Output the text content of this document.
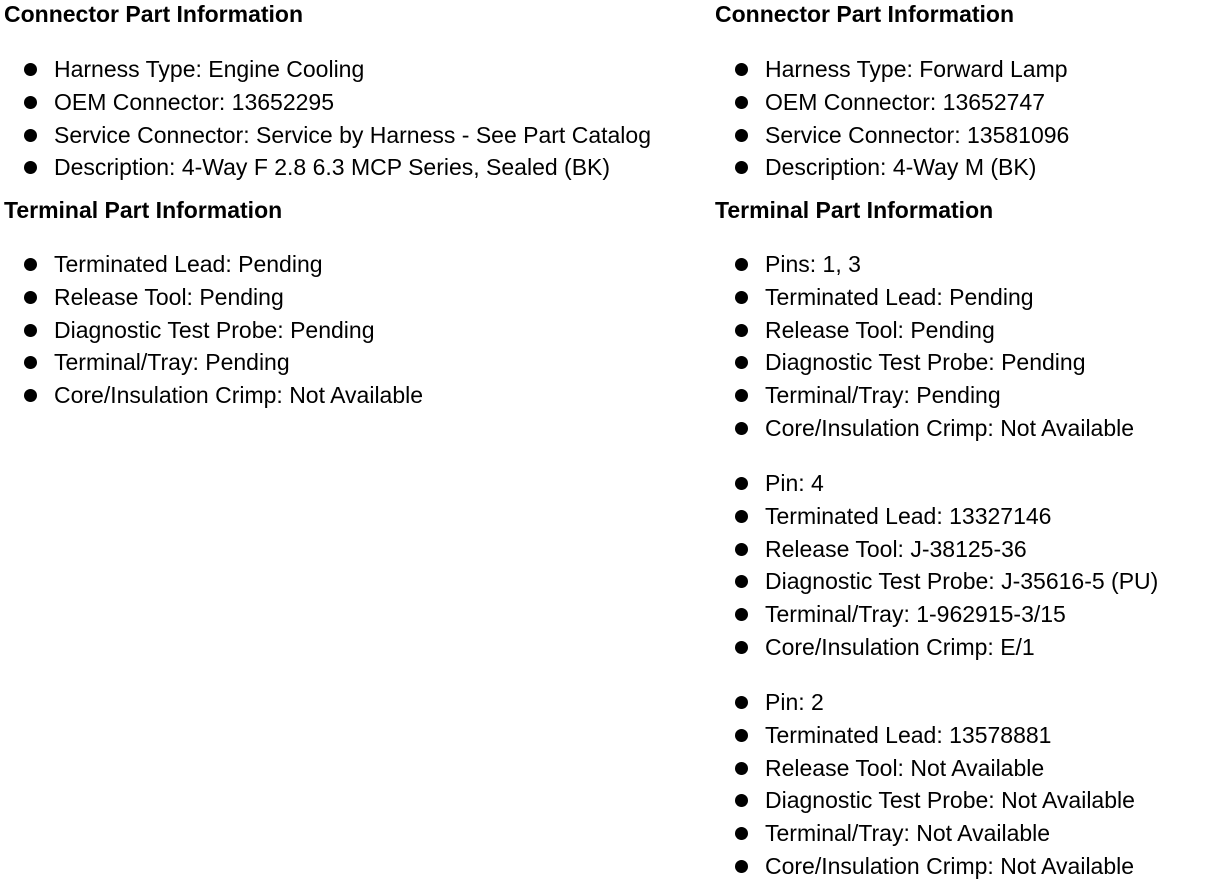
Connector Part Information
Harness Type: Engine Cooling
OEM Connector: 13652295
Service Connector: Service by Harness - See Part Catalog
Description: 4-Way F 2.8 6.3 MCP Series, Sealed (BK)
Terminal Part Information
Terminated Lead: Pending
Release Tool: Pending
Diagnostic Test Probe: Pending
Terminal/Tray: Pending
Core/Insulation Crimp: Not Available
Connector Part Information
Harness Type: Forward Lamp
OEM Connector: 13652747
Service Connector: 13581096
Description: 4-Way M (BK)
Terminal Part Information
Pins: 1, 3
Terminated Lead: Pending
Release Tool: Pending
Diagnostic Test Probe: Pending
Terminal/Tray: Pending
Core/Insulation Crimp: Not Available
Pin: 4
Terminated Lead: 13327146
Release Tool: J-38125-36
Diagnostic Test Probe: J-35616-5 (PU)
Terminal/Tray: 1-962915-3/15
Core/Insulation Crimp: E/1
Pin: 2
Terminated Lead: 13578881
Release Tool: Not Available
Diagnostic Test Probe: Not Available
Terminal/Tray: Not Available
Core/Insulation Crimp: Not Available
